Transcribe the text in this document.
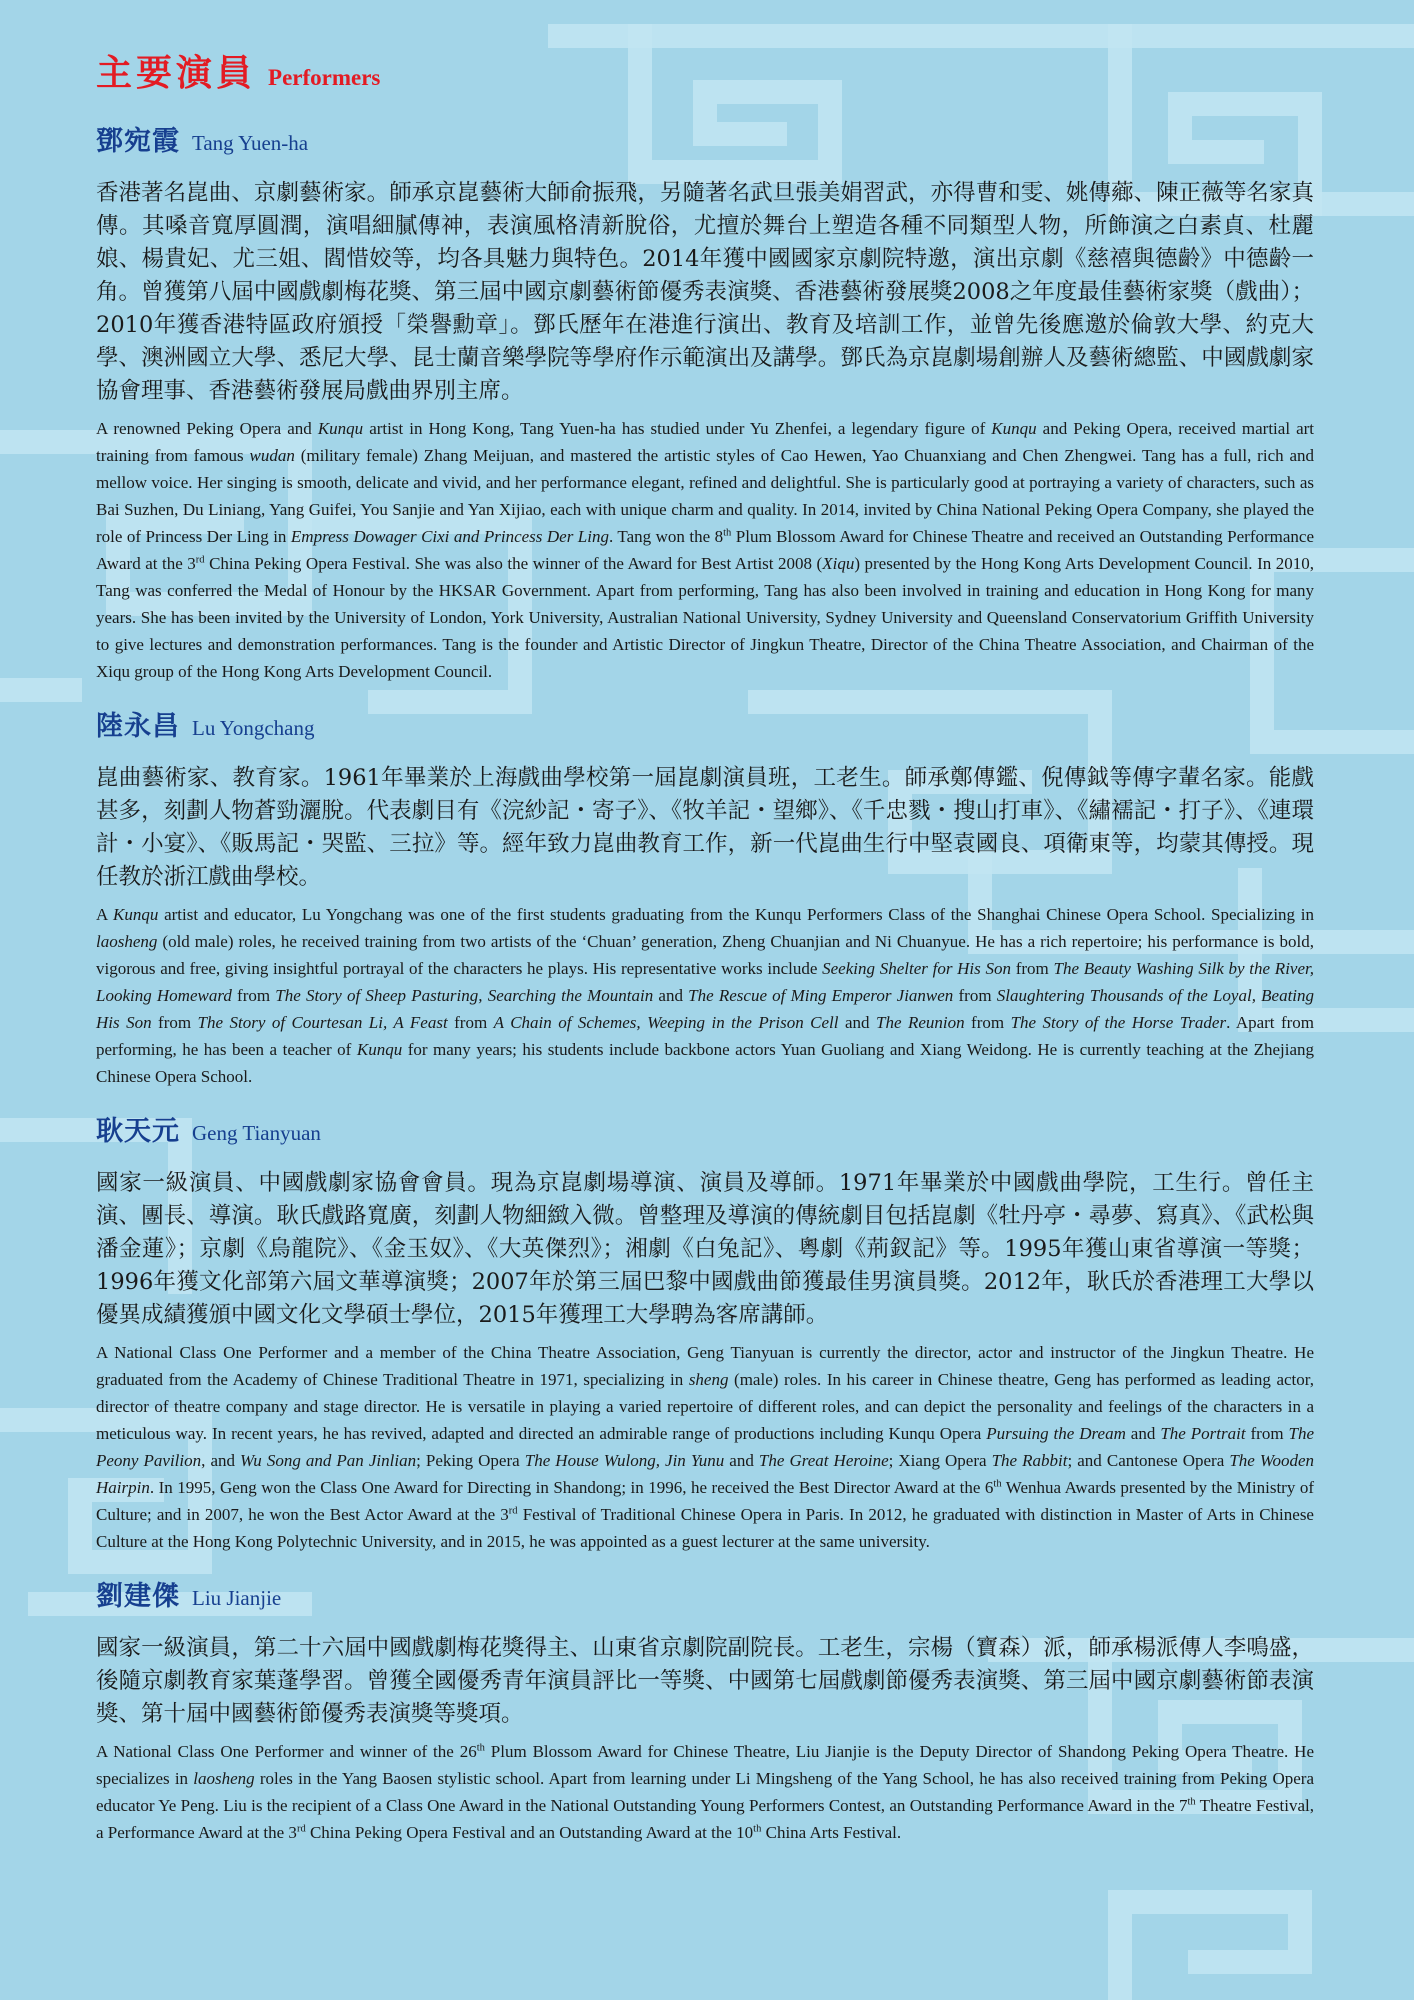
主要演員 Performers
鄧宛霞 Tang Yuen-ha

香港著名崑曲、京劇藝術家。師承京崑藝術大師俞振飛，另隨著名武旦張美娟習武，亦得曹和雯、姚傳薌、陳正薇等名家真傳。其嗓音寬厚圓潤，演唱細膩傳神，表演風格清新脫俗，尤擅於舞台上塑造各種不同類型人物，所飾演之白素貞、杜麗娘、楊貴妃、尤三姐、閻惜姣等，均各具魅力與特色。2014年獲中國國家京劇院特邀，演出京劇《慈禧與德齡》中德齡一角。曾獲第八屆中國戲劇梅花獎、第三屆中國京劇藝術節優秀表演獎、香港藝術發展獎2008之年度最佳藝術家獎（戲曲）；2010年獲香港特區政府頒授「榮譽勳章」。鄧氏歷年在港進行演出、教育及培訓工作，並曾先後應邀於倫敦大學、約克大學、澳洲國立大學、悉尼大學、昆士蘭音樂學院等學府作示範演出及講學。鄧氏為京崑劇場創辦人及藝術總監、中國戲劇家協會理事、香港藝術發展局戲曲界別主席。

A renowned Peking Opera and Kunqu artist in Hong Kong, Tang Yuen-ha has studied under Yu Zhenfei, a legendary figure of Kunqu and Peking Opera, received martial art training from famous wudan (military female) Zhang Meijuan, and mastered the artistic styles of Cao Hewen, Yao Chuanxiang and Chen Zhengwei. Tang has a full, rich and mellow voice. Her singing is smooth, delicate and vivid, and her performance elegant, refined and delightful. She is particularly good at portraying a variety of characters, such as Bai Suzhen, Du Liniang, Yang Guifei, You Sanjie and Yan Xijiao, each with unique charm and quality. In 2014, invited by China National Peking Opera Company, she played the role of Princess Der Ling in Empress Dowager Cixi and Princess Der Ling. Tang won the 8th Plum Blossom Award for Chinese Theatre and received an Outstanding Performance Award at the 3rd China Peking Opera Festival. She was also the winner of the Award for Best Artist 2008 (Xiqu) presented by the Hong Kong Arts Development Council. In 2010, Tang was conferred the Medal of Honour by the HKSAR Government. Apart from performing, Tang has also been involved in training and education in Hong Kong for many years. She has been invited by the University of London, York University, Australian National University, Sydney University and Queensland Conservatorium Griffith University to give lectures and demonstration performances. Tang is the founder and Artistic Director of Jingkun Theatre, Director of the China Theatre Association, and Chairman of the Xiqu group of the Hong Kong Arts Development Council.

陸永昌 Lu Yongchang

崑曲藝術家、教育家。1961年畢業於上海戲曲學校第一屆崑劇演員班，工老生。師承鄭傳鑑、倪傳鉞等傳字輩名家。能戲甚多，刻劃人物蒼勁灑脫。代表劇目有《浣紗記・寄子》、《牧羊記・望鄉》、《千忠戮・搜山打車》、《繡襦記・打子》、《連環計・小宴》、《販馬記・哭監、三拉》等。經年致力崑曲教育工作，新一代崑曲生行中堅袁國良、項衛東等，均蒙其傳授。現任教於浙江戲曲學校。

A Kunqu artist and educator, Lu Yongchang was one of the first students graduating from the Kunqu Performers Class of the Shanghai Chinese Opera School. Specializing in laosheng (old male) roles, he received training from two artists of the ‘Chuan’ generation, Zheng Chuanjian and Ni Chuanyue. He has a rich repertoire; his performance is bold, vigorous and free, giving insightful portrayal of the characters he plays. His representative works include Seeking Shelter for His Son from The Beauty Washing Silk by the River, Looking Homeward from The Story of Sheep Pasturing, Searching the Mountain and The Rescue of Ming Emperor Jianwen from Slaughtering Thousands of the Loyal, Beating His Son from The Story of Courtesan Li, A Feast from A Chain of Schemes, Weeping in the Prison Cell and The Reunion from The Story of the Horse Trader. Apart from performing, he has been a teacher of Kunqu for many years; his students include backbone actors Yuan Guoliang and Xiang Weidong. He is currently teaching at the Zhejiang Chinese Opera School.

耿天元 Geng Tianyuan

國家一級演員、中國戲劇家協會會員。現為京崑劇場導演、演員及導師。1971年畢業於中國戲曲學院，工生行。曾任主演、團長、導演。耿氏戲路寬廣，刻劃人物細緻入微。曾整理及導演的傳統劇目包括崑劇《牡丹亭・尋夢、寫真》、《武松與潘金蓮》；京劇《烏龍院》、《金玉奴》、《大英傑烈》；湘劇《白兔記》、粵劇《荊釵記》等。1995年獲山東省導演一等獎；1996年獲文化部第六屆文華導演獎；2007年於第三屆巴黎中國戲曲節獲最佳男演員獎。2012年，耿氏於香港理工大學以優異成績獲頒中國文化文學碩士學位，2015年獲理工大學聘為客席講師。

A National Class One Performer and a member of the China Theatre Association, Geng Tianyuan is currently the director, actor and instructor of the Jingkun Theatre. He graduated from the Academy of Chinese Traditional Theatre in 1971, specializing in sheng (male) roles. In his career in Chinese theatre, Geng has performed as leading actor, director of theatre company and stage director. He is versatile in playing a varied repertoire of different roles, and can depict the personality and feelings of the characters in a meticulous way. In recent years, he has revived, adapted and directed an admirable range of productions including Kunqu Opera Pursuing the Dream and The Portrait from The Peony Pavilion, and Wu Song and Pan Jinlian; Peking Opera The House Wulong, Jin Yunu and The Great Heroine; Xiang Opera The Rabbit; and Cantonese Opera The Wooden Hairpin. In 1995, Geng won the Class One Award for Directing in Shandong; in 1996, he received the Best Director Award at the 6th Wenhua Awards presented by the Ministry of Culture; and in 2007, he won the Best Actor Award at the 3rd Festival of Traditional Chinese Opera in Paris. In 2012, he graduated with distinction in Master of Arts in Chinese Culture at the Hong Kong Polytechnic University, and in 2015, he was appointed as a guest lecturer at the same university.

劉建傑 Liu Jianjie

國家一級演員，第二十六屆中國戲劇梅花獎得主、山東省京劇院副院長。工老生，宗楊（寶森）派，師承楊派傳人李鳴盛，後隨京劇教育家葉蓬學習。曾獲全國優秀青年演員評比一等獎、中國第七屆戲劇節優秀表演獎、第三屆中國京劇藝術節表演獎、第十屆中國藝術節優秀表演獎等獎項。

A National Class One Performer and winner of the 26th Plum Blossom Award for Chinese Theatre, Liu Jianjie is the Deputy Director of Shandong Peking Opera Theatre. He specializes in laosheng roles in the Yang Baosen stylistic school. Apart from learning under Li Mingsheng of the Yang School, he has also received training from Peking Opera educator Ye Peng. Liu is the recipient of a Class One Award in the National Outstanding Young Performers Contest, an Outstanding Performance Award in the 7th Theatre Festival, a Performance Award at the 3rd China Peking Opera Festival and an Outstanding Award at the 10th China Arts Festival.
